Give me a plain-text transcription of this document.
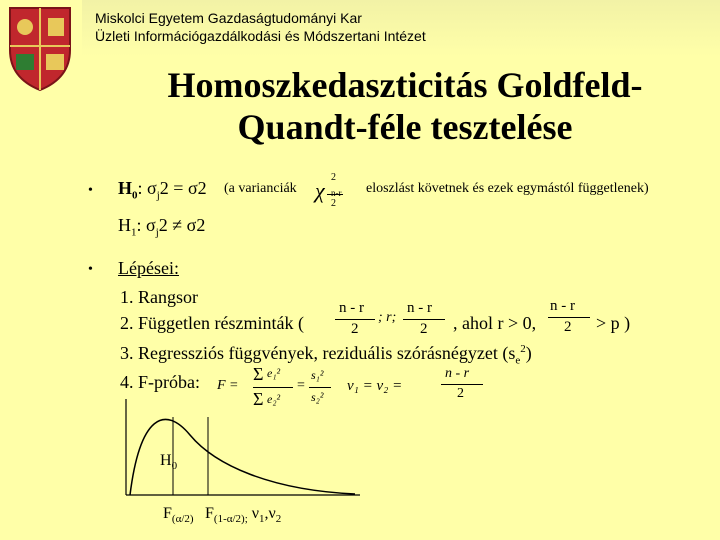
Miskolci Egyetem Gazdaságtudományi Kar
Üzleti Információgazdálkodási és Módszertani Intézet
Homoszkedaszticitás Goldfeld-
Quandt-féle tesztelése
• $H_0$: $\sigma_j2 = \sigma 2$ (a varianciák χ
2
n-r
2
eloszlást követnek és ezek egymástól függetlenek)
$H_1$: $\sigma_j2 \ne \sigma 2$
• Lépései:
1. Rangsor
2. Független részminták (
n - r
2
; r;
n - r
2 , ahol r > 0,
n - r
2 > p )
3. Regressziós függvények, reziduális szórásnégyzet $(s_e^2)$
4. F-próba: F =
Σ e₁²
Σ e₂²
=
s₁²
s₂²
ν₁ = ν₂ =
n - r
2
$H_0$
$F_{(\alpha/2)}$ $F_{(1-\alpha/2);}$ $\nu_1,\nu_2$
